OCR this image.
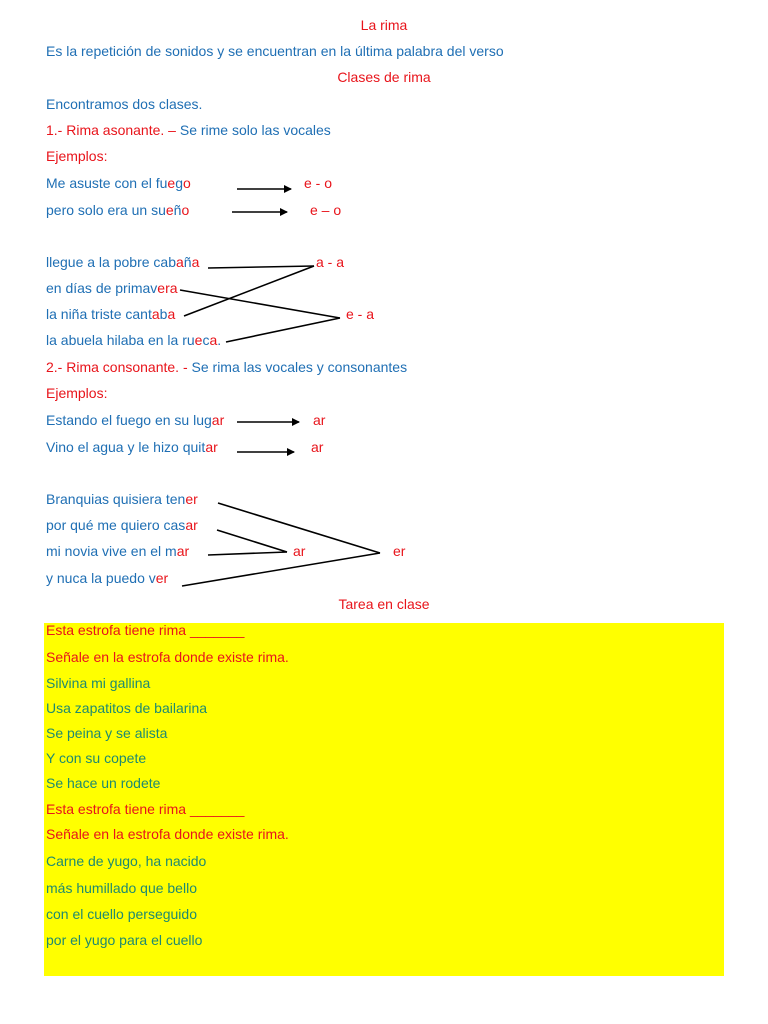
La rima
Es la repetición de sonidos y se encuentran en la última palabra del verso
Clases de rima
Encontramos dos clases.
1.- Rima asonante. – Se rime solo las vocales
Ejemplos:
Me asuste con el fuego	e - o
pero solo era un sueño	e – o
llegue a la pobre cabaña
en días de primavera
la niña triste cantaba
la abuela hilaba en la rueca.
a - a
e - a
2.- Rima consonante. - Se rima las vocales y consonantes
Ejemplos:
Estando el fuego en su lugar	ar
Vino el agua y le hizo quitar	ar
Branquias quisiera tener
por qué me quiero casar
mi novia vive en el mar
y nuca la puedo ver
ar	er
Tarea en clase
Esta estrofa tiene rima _______
Señale en la estrofa donde existe rima.
Silvina mi gallina
Usa zapatitos de bailarina
Se peina y se alista
Y con su copete
Se hace un rodete
Esta estrofa tiene rima _______
Señale en la estrofa donde existe rima.
Carne de yugo, ha nacido
más humillado que bello
con el cuello perseguido
por el yugo para el cuello
